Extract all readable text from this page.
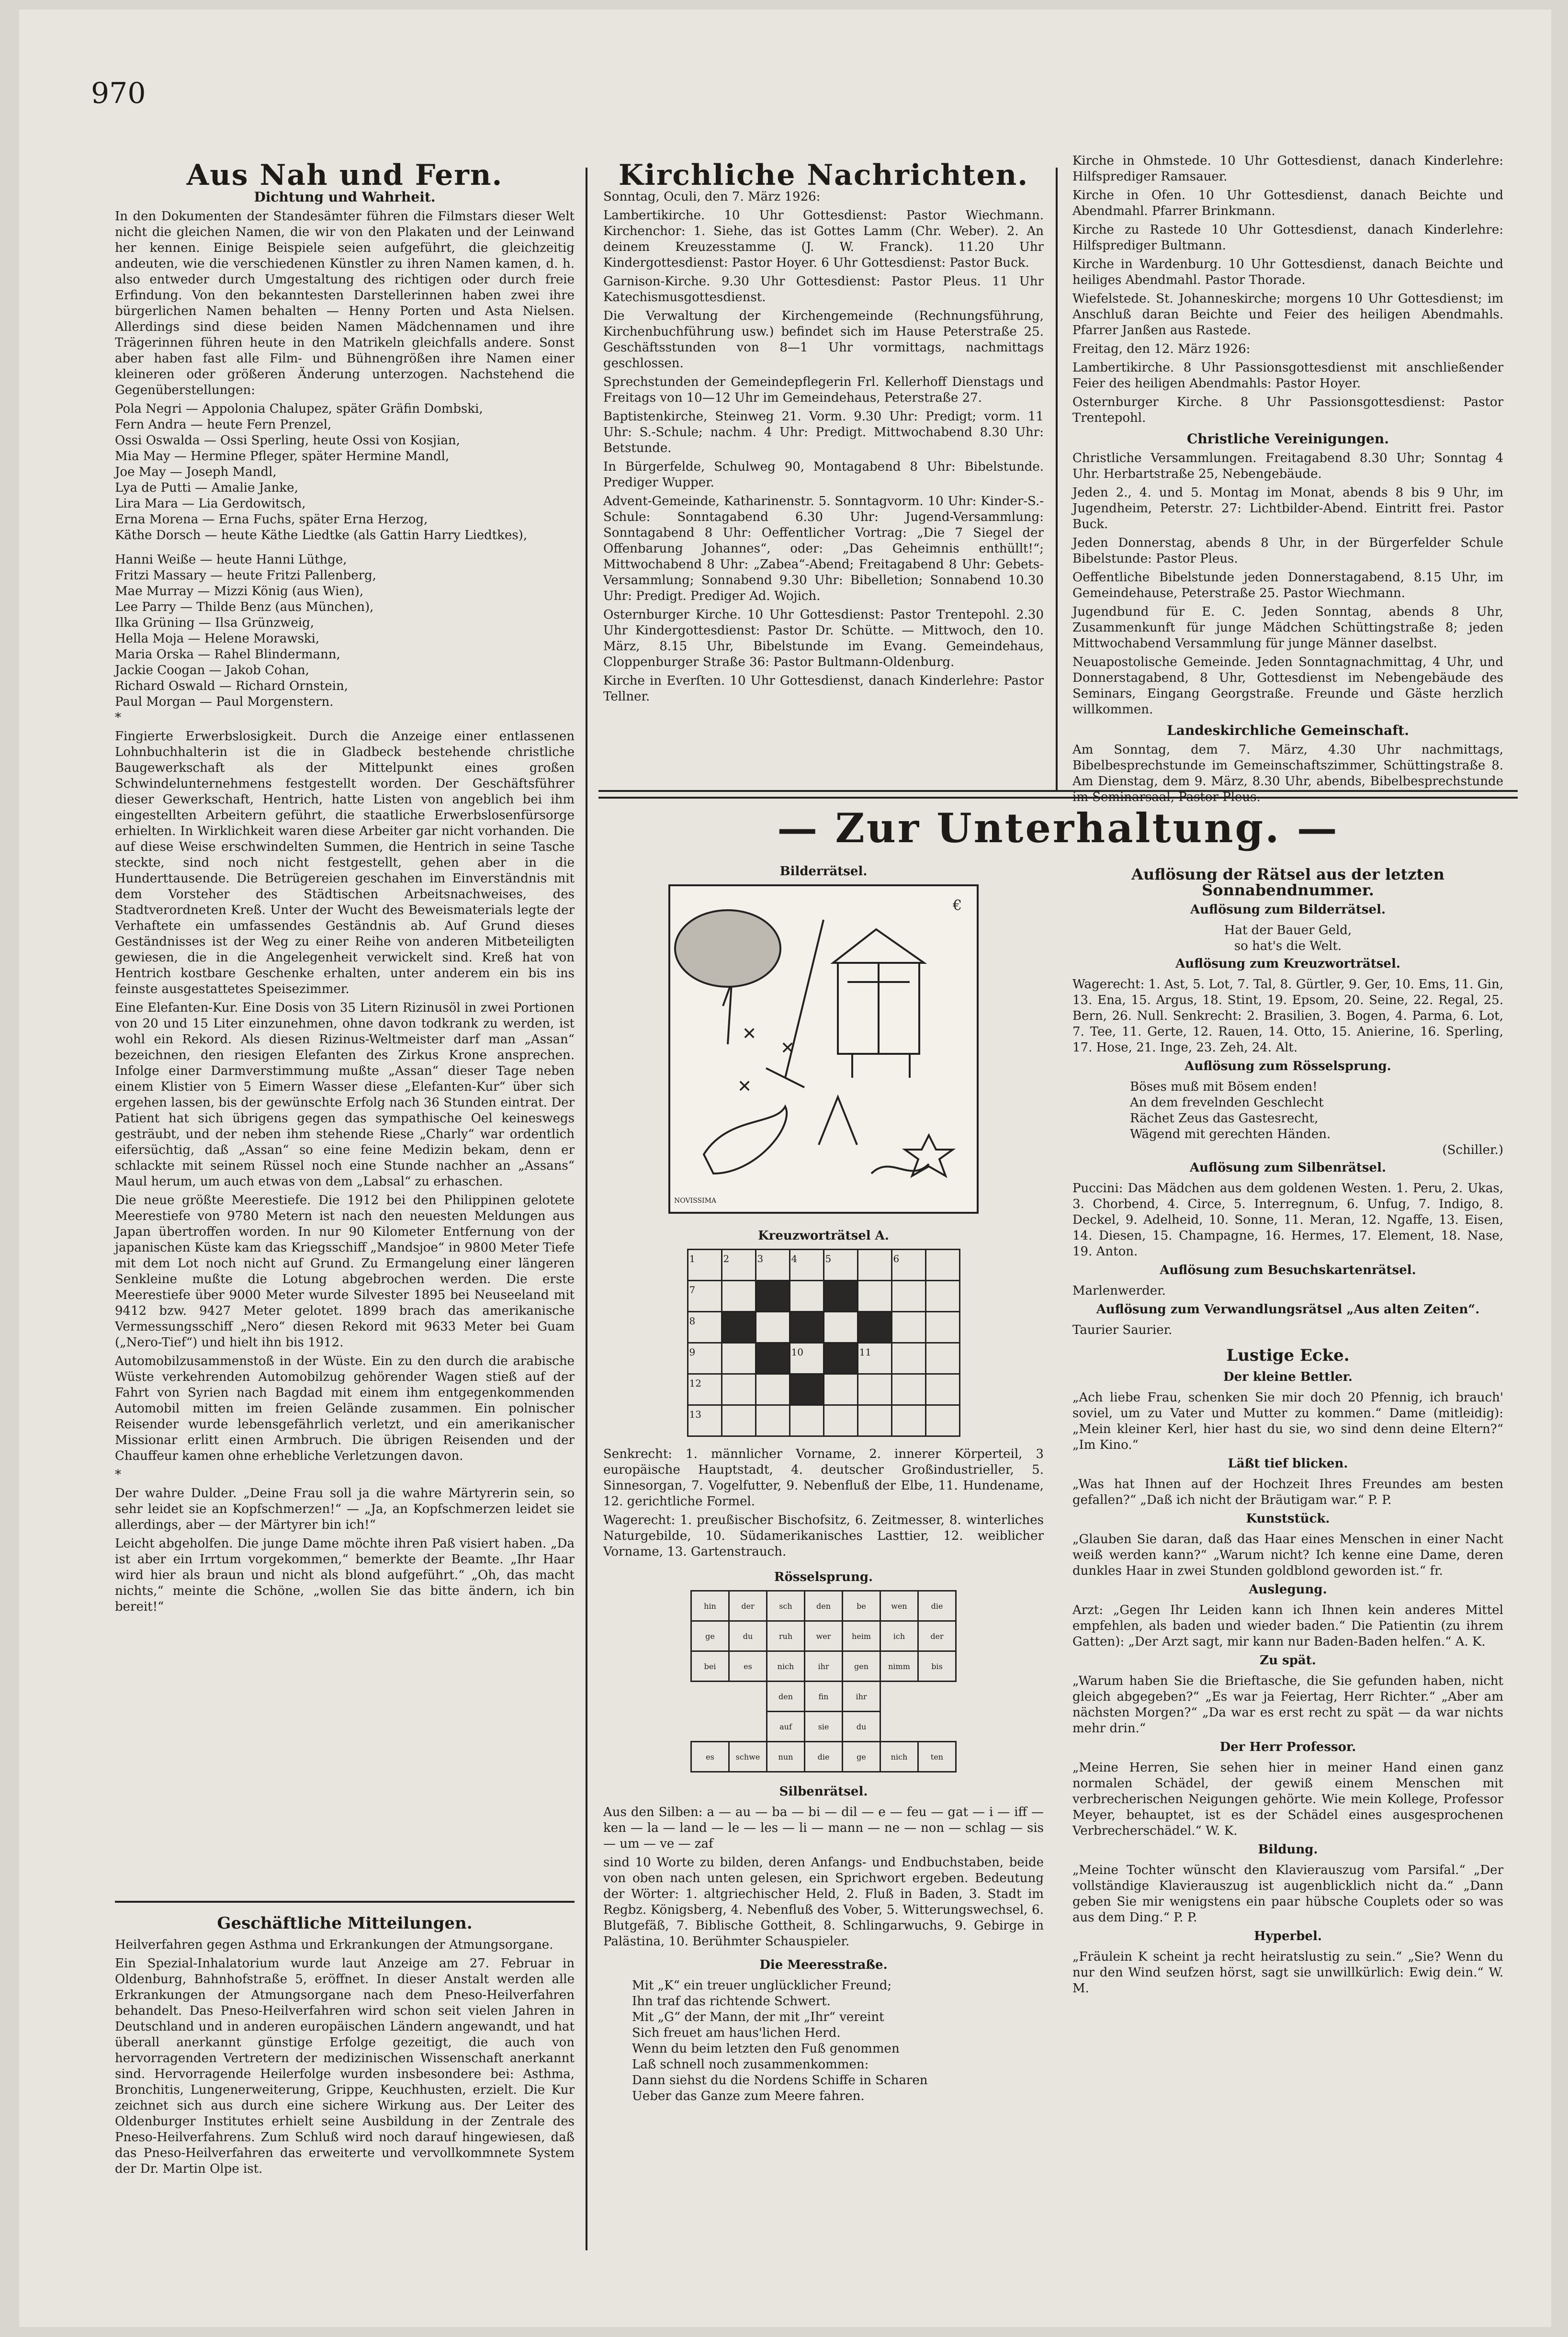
970
Aus Nah und Fern.
Dichtung und Wahrheit.

In den Dokumenten der Standesämter führen die Filmstars dieser Welt nicht die gleichen Namen, die wir von den Plakaten und der Leinwand her kennen. Einige Beispiele seien aufgeführt, die gleichzeitig andeuten, wie die verschiedenen Künstler zu ihren Namen kamen, d. h. also entweder durch Umgestaltung des richtigen oder durch freie Erfindung. Von den bekanntesten Darstellerinnen haben zwei ihre bürgerlichen Namen behalten — Henny Porten und Asta Nielsen. Allerdings sind diese beiden Namen Mädchennamen und ihre Trägerinnen führen heute in den Matrikeln gleichfalls andere. Sonst aber haben fast alle Film- und Bühnengrößen ihre Namen einer kleineren oder größeren Änderung unterzogen. Nachstehend die Gegenüberstellungen:

Pola Negri — Appolonia Chalupez, später Gräfin Dombski,
Fern Andra — heute Fern Prenzel,
Ossi Oswalda — Ossi Sperling, heute Ossi von Kosjian,
Mia May — Hermine Pfleger, später Hermine Mandl,
Joe May — Joseph Mandl,
Lya de Putti — Amalie Janke,
Lira Mara — Lia Gerdowitsch,
Erna Morena — Erna Fuchs, später Erna Herzog,
Käthe Dorsch — heute Käthe Liedtke (als Gattin Harry Liedtkes),
Hanni Weiße — heute Hanni Lüthge,
Fritzi Massary — heute Fritzi Pallenberg,
Mae Murray — Mizzi König (aus Wien),
Lee Parry — Thilde Benz (aus München),
Ilka Grüning — Ilsa Grünzweig,
Hella Moja — Helene Morawski,
Maria Orska — Rahel Blindermann,
Jackie Coogan — Jakob Cohan,
Richard Oswald — Richard Ornstein,
Paul Morgan — Paul Morgenstern.

*

Fingierte Erwerbslosigkeit. Durch die Anzeige einer entlassenen Lohnbuchhalterin ist die in Gladbeck bestehende christliche Baugewerkschaft als der Mittelpunkt eines großen Schwindelunternehmens festgestellt worden. Der Geschäftsführer dieser Gewerkschaft, Hentrich, hatte Listen von angeblich bei ihm eingestellten Arbeitern geführt, die staatliche Erwerbslosenfürsorge erhielten. In Wirklichkeit waren diese Arbeiter gar nicht vorhanden. Die auf diese Weise erschwindelten Summen, die Hentrich in seine Tasche steckte, sind noch nicht festgestellt, gehen aber in die Hunderttausende. Die Betrügereien geschahen im Einverständnis mit dem Vorsteher des Städtischen Arbeitsnachweises, des Stadtverordneten Kreß. Unter der Wucht des Beweismaterials legte der Verhaftete ein umfassendes Geständnis ab. Auf Grund dieses Geständnisses ist der Weg zu einer Reihe von anderen Mitbeteiligten gewiesen, die in die Angelegenheit verwickelt sind. Kreß hat von Hentrich kostbare Geschenke erhalten, unter anderem ein bis ins feinste ausgestattetes Speisezimmer.

Eine Elefanten-Kur. Eine Dosis von 35 Litern Rizinusöl in zwei Portionen von 20 und 15 Liter einzunehmen, ohne davon todkrank zu werden, ist wohl ein Rekord. Als diesen Rizinus-Weltmeister darf man „Assan“ bezeichnen, den riesigen Elefanten des Zirkus Krone ansprechen. Infolge einer Darmverstimmung mußte „Assan“ dieser Tage neben einem Klistier von 5 Eimern Wasser diese „Elefanten-Kur“ über sich ergehen lassen, bis der gewünschte Erfolg nach 36 Stunden eintrat. Der Patient hat sich übrigens gegen das sympathische Oel keineswegs gesträubt, und der neben ihm stehende Riese „Charly“ war ordentlich eifersüchtig, daß „Assan“ so eine feine Medizin bekam, denn er schlackte mit seinem Rüssel noch eine Stunde nachher an „Assans“ Maul herum, um auch etwas von dem „Labsal“ zu erhaschen.

Die neue größte Meerestiefe. Die 1912 bei den Philippinen gelotete Meerestiefe von 9780 Metern ist nach den neuesten Meldungen aus Japan übertroffen worden. In nur 90 Kilometer Entfernung von der japanischen Küste kam das Kriegsschiff „Mandsjoe“ in 9800 Meter Tiefe mit dem Lot noch nicht auf Grund. Zu Ermangelung einer längeren Senkleine mußte die Lotung abgebrochen werden. Die erste Meerestiefe über 9000 Meter wurde Silvester 1895 bei Neuseeland mit 9412 bzw. 9427 Meter gelotet. 1899 brach das amerikanische Vermessungsschiff „Nero“ diesen Rekord mit 9633 Meter bei Guam („Nero-Tief“) und hielt ihn bis 1912.

Automobilzusammenstoß in der Wüste. Ein zu den durch die arabische Wüste verkehrenden Automobilzug gehörender Wagen stieß auf der Fahrt von Syrien nach Bagdad mit einem ihm entgegenkommenden Automobil mitten im freien Gelände zusammen. Ein polnischer Reisender wurde lebensgefährlich verletzt, und ein amerikanischer Missionar erlitt einen Armbruch. Die übrigen Reisenden und der Chauffeur kamen ohne erhebliche Verletzungen davon.

*

Der wahre Dulder. „Deine Frau soll ja die wahre Märtyrerin sein, so sehr leidet sie an Kopfschmerzen!“ — „Ja, an Kopfschmerzen leidet sie allerdings, aber — der Märtyrer bin ich!“

Leicht abgeholfen. Die junge Dame möchte ihren Paß visiert haben. „Da ist aber ein Irrtum vorgekommen,“ bemerkte der Beamte. „Ihr Haar wird hier als braun und nicht als blond aufgeführt.“ „Oh, das macht nichts,“ meinte die Schöne, „wollen Sie das bitte ändern, ich bin bereit!“

Geschäftliche Mitteilungen.

Heilverfahren gegen Asthma und Erkrankungen der Atmungsorgane.

Ein Spezial-Inhalatorium wurde laut Anzeige am 27. Februar in Oldenburg, Bahnhofstraße 5, eröffnet. In dieser Anstalt werden alle Erkrankungen der Atmungsorgane nach dem Pneso-Heilverfahren behandelt. Das Pneso-Heilverfahren wird schon seit vielen Jahren in Deutschland und in anderen europäischen Ländern angewandt, und hat überall anerkannt günstige Erfolge gezeitigt, die auch von hervorragenden Vertretern der medizinischen Wissenschaft anerkannt sind. Hervorragende Heilerfolge wurden insbesondere bei: Asthma, Bronchitis, Lungenerweiterung, Grippe, Keuchhusten, erzielt. Die Kur zeichnet sich aus durch eine sichere Wirkung aus. Der Leiter des Oldenburger Institutes erhielt seine Ausbildung in der Zentrale des Pneso-Heilverfahrens. Zum Schluß wird noch darauf hingewiesen, daß das Pneso-Heilverfahren das erweiterte und vervollkommnete System der Dr. Martin Olpe ist.

Kirchliche Nachrichten.

Sonntag, Oculi, den 7. März 1926:

Lambertikirche. 10 Uhr Gottesdienst: Pastor Wiechmann. Kirchenchor: 1. Siehe, das ist Gottes Lamm (Chr. Weber). 2. An deinem Kreuzesstamme (J. W. Franck). 11.20 Uhr Kindergottesdienst: Pastor Hoyer. 6 Uhr Gottesdienst: Pastor Buck.

Garnison-Kirche. 9.30 Uhr Gottesdienst: Pastor Pleus. 11 Uhr Katechismusgottesdienst.

Die Verwaltung der Kirchengemeinde (Rechnungsführung, Kirchenbuchführung usw.) befindet sich im Hause Peterstraße 25. Geschäftsstunden von 8—1 Uhr vormittags, nachmittags geschlossen.

Sprechstunden der Gemeindepflegerin Frl. Kellerhoff Dienstags und Freitags von 10—12 Uhr im Gemeindehaus, Peterstraße 27.

Baptistenkirche, Steinweg 21. Vorm. 9.30 Uhr: Predigt; vorm. 11 Uhr: S.-Schule; nachm. 4 Uhr: Predigt. Mittwochabend 8.30 Uhr: Betstunde.

In Bürgerfelde, Schulweg 90, Montagabend 8 Uhr: Bibelstunde. Prediger Wupper.

Advent-Gemeinde, Katharinenstr. 5. Sonntagvorm. 10 Uhr: Kinder-S.-Schule: Sonntagabend 6.30 Uhr: Jugend-Versammlung: Sonntagabend 8 Uhr: Oeffentlicher Vortrag: „Die 7 Siegel der Offenbarung Johannes“, oder: „Das Geheimnis enthüllt!“; Mittwochabend 8 Uhr: „Zabea“-Abend; Freitagabend 8 Uhr: Gebets-Versammlung; Sonnabend 9.30 Uhr: Bibelletion; Sonnabend 10.30 Uhr: Predigt. Prediger Ad. Wojich.

Osternburger Kirche. 10 Uhr Gottesdienst: Pastor Trentepohl. 2.30 Uhr Kindergottesdienst: Pastor Dr. Schütte. — Mittwoch, den 10. März, 8.15 Uhr, Bibelstunde im Evang. Gemeindehaus, Cloppenburger Straße 36: Pastor Bultmann-Oldenburg.

Kirche in Everſten. 10 Uhr Gottesdienst, danach Kinderlehre: Pastor Tellner.

Kirche in Ohmstede. 10 Uhr Gottesdienst, danach Kinderlehre: Hilfsprediger Ramsauer.

Kirche in Ofen. 10 Uhr Gottesdienst, danach Beichte und Abendmahl. Pfarrer Brinkmann.

Kirche zu Rastede 10 Uhr Gottesdienst, danach Kinderlehre: Hilfsprediger Bultmann.

Kirche in Wardenburg. 10 Uhr Gottesdienst, danach Beichte und heiliges Abendmahl. Pastor Thorade.

Wiefelstede. St. Johanneskirche; morgens 10 Uhr Gottesdienst; im Anschluß daran Beichte und Feier des heiligen Abendmahls. Pfarrer Janßen aus Rastede.

Freitag, den 12. März 1926:

Lambertikirche. 8 Uhr Passionsgottesdienst mit anschließender Feier des heiligen Abendmahls: Pastor Hoyer.

Osternburger Kirche. 8 Uhr Passionsgottesdienst: Pastor Trentepohl.

Christliche Vereinigungen.

Christliche Versammlungen. Freitagabend 8.30 Uhr; Sonntag 4 Uhr. Herbartstraße 25, Nebengebäude.

Jeden 2., 4. und 5. Montag im Monat, abends 8 bis 9 Uhr, im Jugendheim, Peterstr. 27: Lichtbilder-Abend. Eintritt frei. Pastor Buck.

Jeden Donnerstag, abends 8 Uhr, in der Bürgerfelder Schule Bibelstunde: Pastor Pleus.

Oeffentliche Bibelstunde jeden Donnerstagabend, 8.15 Uhr, im Gemeindehause, Peterstraße 25. Pastor Wiechmann.

Jugendbund für E. C. Jeden Sonntag, abends 8 Uhr, Zusammenkunft für junge Mädchen Schüttingstraße 8; jeden Mittwochabend Versammlung für junge Männer daselbst.

Neuapostolische Gemeinde. Jeden Sonntagnachmittag, 4 Uhr, und Donnerstagabend, 8 Uhr, Gottesdienst im Nebengebäude des Seminars, Eingang Georgstraße. Freunde und Gäste herzlich willkommen.

Landeskirchliche Gemeinschaft.

Am Sonntag, dem 7. März, 4.30 Uhr nachmittags, Bibelbesprechstunde im Gemeinschaftszimmer, Schüttingstraße 8. Am Dienstag, dem 9. März, 8.30 Uhr, abends, Bibelbesprechstunde im Seminarsaal, Pastor Pleus.

— Zur Unterhaltung. —
Bilderrätsel.
✕
✕
✕
€
NOVISSIMA
Kreuzworträtsel A.
1	2	3	4	5		6	
7							
8							
9			10		11		
12							
13							

Senkrecht: 1. männlicher Vorname, 2. innerer Körperteil, 3 europäische Hauptstadt, 4. deutscher Großindustrieller, 5. Sinnesorgan, 7. Vogelfutter, 9. Nebenfluß der Elbe, 11. Hundename, 12. gerichtliche Formel.

Wagerecht: 1. preußischer Bischofsitz, 6. Zeitmesser, 8. winterliches Naturgebilde, 10. Südamerikanisches Lasttier, 12. weiblicher Vorname, 13. Gartenstrauch.

Rösselsprung.
hin	der	sch	den	be	wen	die
ge	du	ruh	wer	heim	ich	der
bei	es	nich	ihr	gen	nimm	bis
		den	fin	ihr		
		auf	sie	du		
es	schwe	nun	die	ge	nich	ten
Silbenrätsel.

Aus den Silben: a — au — ba — bi — dil — e — feu — gat — i — iff — ken — la — land — le — les — li — mann — ne — non — schlag — sis — um — ve — zaf

sind 10 Worte zu bilden, deren Anfangs- und Endbuchstaben, beide von oben nach unten gelesen, ein Sprichwort ergeben. Bedeutung der Wörter: 1. altgriechischer Held, 2. Fluß in Baden, 3. Stadt im Regbz. Königsberg, 4. Nebenfluß des Vober, 5. Witterungswechsel, 6. Blutgefäß, 7. Biblische Gottheit, 8. Schlingarwuchs, 9. Gebirge in Palästina, 10. Berühmter Schauspieler.

Die Meeresstraße.
Mit „K“ ein treuer unglücklicher Freund;
Ihn traf das richtende Schwert.
Mit „G“ der Mann, der mit „Ihr“ vereint
Sich freuet am haus'lichen Herd.
Wenn du beim letzten den Fuß genommen
Laß schnell noch zusammenkommen:
Dann siehst du die Nordens Schiffe in Scharen
Ueber das Ganze zum Meere fahren.
Auflösung der Rätsel aus der letzten Sonnabendnummer.
Auflösung zum Bilderrätsel.
Hat der Bauer Geld,
so hat's die Welt.
Auflösung zum Kreuzworträtsel.

Wagerecht: 1. Ast, 5. Lot, 7. Tal, 8. Gürtler, 9. Ger, 10. Ems, 11. Gin, 13. Ena, 15. Argus, 18. Stint, 19. Epsom, 20. Seine, 22. Regal, 25. Bern, 26. Null. Senkrecht: 2. Brasilien, 3. Bogen, 4. Parma, 6. Lot, 7. Tee, 11. Gerte, 12. Rauen, 14. Otto, 15. Anierine, 16. Sperling, 17. Hose, 21. Inge, 23. Zeh, 24. Alt.

Auflösung zum Rösselsprung.
Böses muß mit Bösem enden!
An dem frevelnden Geschlecht
Rächet Zeus das Gastesrecht,
Wägend mit gerechten Händen.
(Schiller.)
Auflösung zum Silbenrätsel.

Puccini: Das Mädchen aus dem goldenen Westen. 1. Peru, 2. Ukas, 3. Chorbend, 4. Circe, 5. Interregnum, 6. Unfug, 7. Indigo, 8. Deckel, 9. Adelheid, 10. Sonne, 11. Meran, 12. Ngaffe, 13. Eisen, 14. Diesen, 15. Champagne, 16. Hermes, 17. Element, 18. Nase, 19. Anton.

Auflösung zum Besuchskartenrätsel.

Marlenwerder.

Auflösung zum Verwandlungsrätsel „Aus alten Zeiten“.

Taurier Saurier.

Lustige Ecke.
Der kleine Bettler.

„Ach liebe Frau, schenken Sie mir doch 20 Pfennig, ich brauch' soviel, um zu Vater und Mutter zu kommen.“ Dame (mitleidig): „Mein kleiner Kerl, hier hast du sie, wo sind denn deine Eltern?“ „Im Kino.“

Läßt tief blicken.

„Was hat Ihnen auf der Hochzeit Ihres Freundes am besten gefallen?“ „Daß ich nicht der Bräutigam war.“ P. P.

Kunststück.

„Glauben Sie daran, daß das Haar eines Menschen in einer Nacht weiß werden kann?“ „Warum nicht? Ich kenne eine Dame, deren dunkles Haar in zwei Stunden goldblond geworden ist.“ fr.

Auslegung.

Arzt: „Gegen Ihr Leiden kann ich Ihnen kein anderes Mittel empfehlen, als baden und wieder baden.“ Die Patientin (zu ihrem Gatten): „Der Arzt sagt, mir kann nur Baden-Baden helfen.“ A. K.

Zu spät.

„Warum haben Sie die Brieftasche, die Sie gefunden haben, nicht gleich abgegeben?“ „Es war ja Feiertag, Herr Richter.“ „Aber am nächsten Morgen?“ „Da war es erst recht zu spät — da war nichts mehr drin.“

Der Herr Professor.

„Meine Herren, Sie sehen hier in meiner Hand einen ganz normalen Schädel, der gewiß einem Menschen mit verbrecherischen Neigungen gehörte. Wie mein Kollege, Professor Meyer, behauptet, ist es der Schädel eines ausgesprochenen Verbrecherschädel.“ W. K.

Bildung.

„Meine Tochter wünscht den Klavierauszug vom Parsifal.“ „Der vollständige Klavierauszug ist augenblicklich nicht da.“ „Dann geben Sie mir wenigstens ein paar hübsche Couplets oder so was aus dem Ding.“ P. P.

Hyperbel.

„Fräulein K scheint ja recht heiratslustig zu sein.“ „Sie? Wenn du nur den Wind seufzen hörst, sagt sie unwillkürlich: Ewig dein.“ W. M.
